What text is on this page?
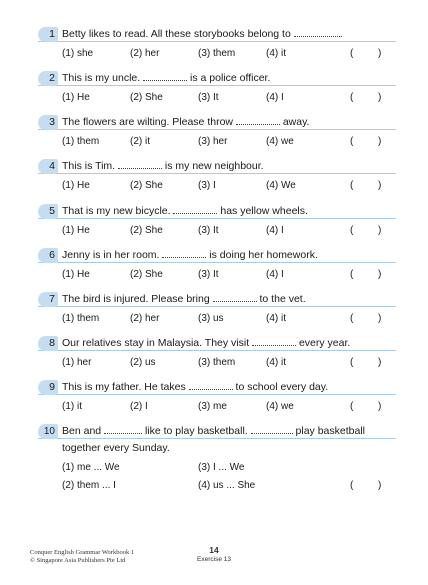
1 Betty likes to read. All these storybooks belong to	.
(1) she	(2) her	(3) them	(4) it	( )
2 This is my uncle.	is a police officer.
(1) He	(2) She	(3) It	(4) I	( )
3 The flowers are wilting. Please throw	away.
(1) them	(2) it	(3) her	(4) we	( )
4 This is Tim.	is my new neighbour.
(1) He	(2) She	(3) I	(4) We	( )
5 That is my new bicycle.	has yellow wheels.
(1) He	(2) She	(3) It	(4) I	( )
6 Jenny is in her room.	is doing her homework.
(1) He	(2) She	(3) It	(4) I	( )
7 The bird is injured. Please bring	to the vet.
(1) them	(2) her	(3) us	(4) it	( )
8 Our relatives stay in Malaysia. They visit	every year.
(1) her	(2) us	(3) them	(4) it	( )
9 This is my father. He takes	to school every day.
(1) it	(2) I	(3) me	(4) we	( )
10 Ben and	like to play basketball.	play basketball
together every Sunday.
(1) me ... We	(3) I ... We
(2) them ... I	(4) us ... She	( )
Conquer English Grammar Workbook 1
© Singapore Asia Publishers Pte Ltd
14
Exercise 13
